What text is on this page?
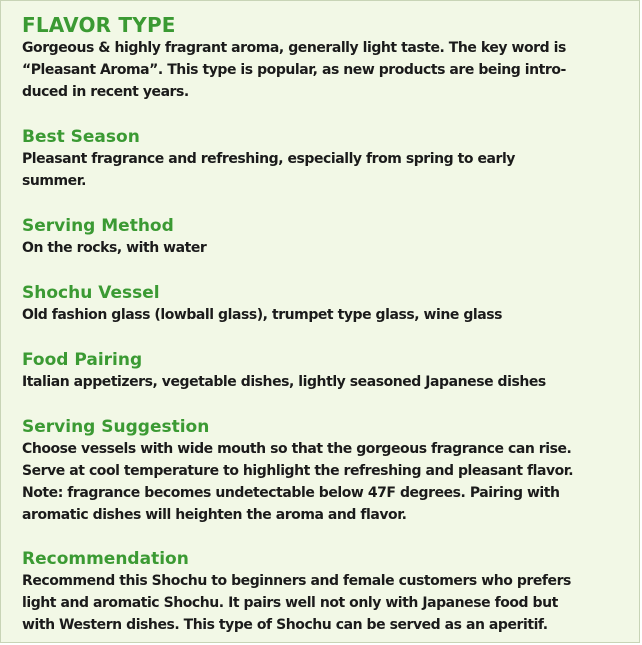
FLAVOR TYPE

Gorgeous & highly fragrant aroma, generally light taste. The key word is

“Pleasant Aroma”. This type is popular, as new products are being intro-

duced in recent years.

Best Season

Pleasant fragrance and refreshing, especially from spring to early

summer.

Serving Method

On the rocks, with water

Shochu Vessel

Old fashion glass (lowball glass), trumpet type glass, wine glass

Food Pairing

Italian appetizers, vegetable dishes, lightly seasoned Japanese dishes

Serving Suggestion

Choose vessels with wide mouth so that the gorgeous fragrance can rise.

Serve at cool temperature to highlight the refreshing and pleasant flavor.

Note: fragrance becomes undetectable below 47F degrees. Pairing with

aromatic dishes will heighten the aroma and flavor.

Recommendation

Recommend this Shochu to beginners and female customers who prefers

light and aromatic Shochu. It pairs well not only with Japanese food but

with Western dishes. This type of Shochu can be served as an aperitif.
